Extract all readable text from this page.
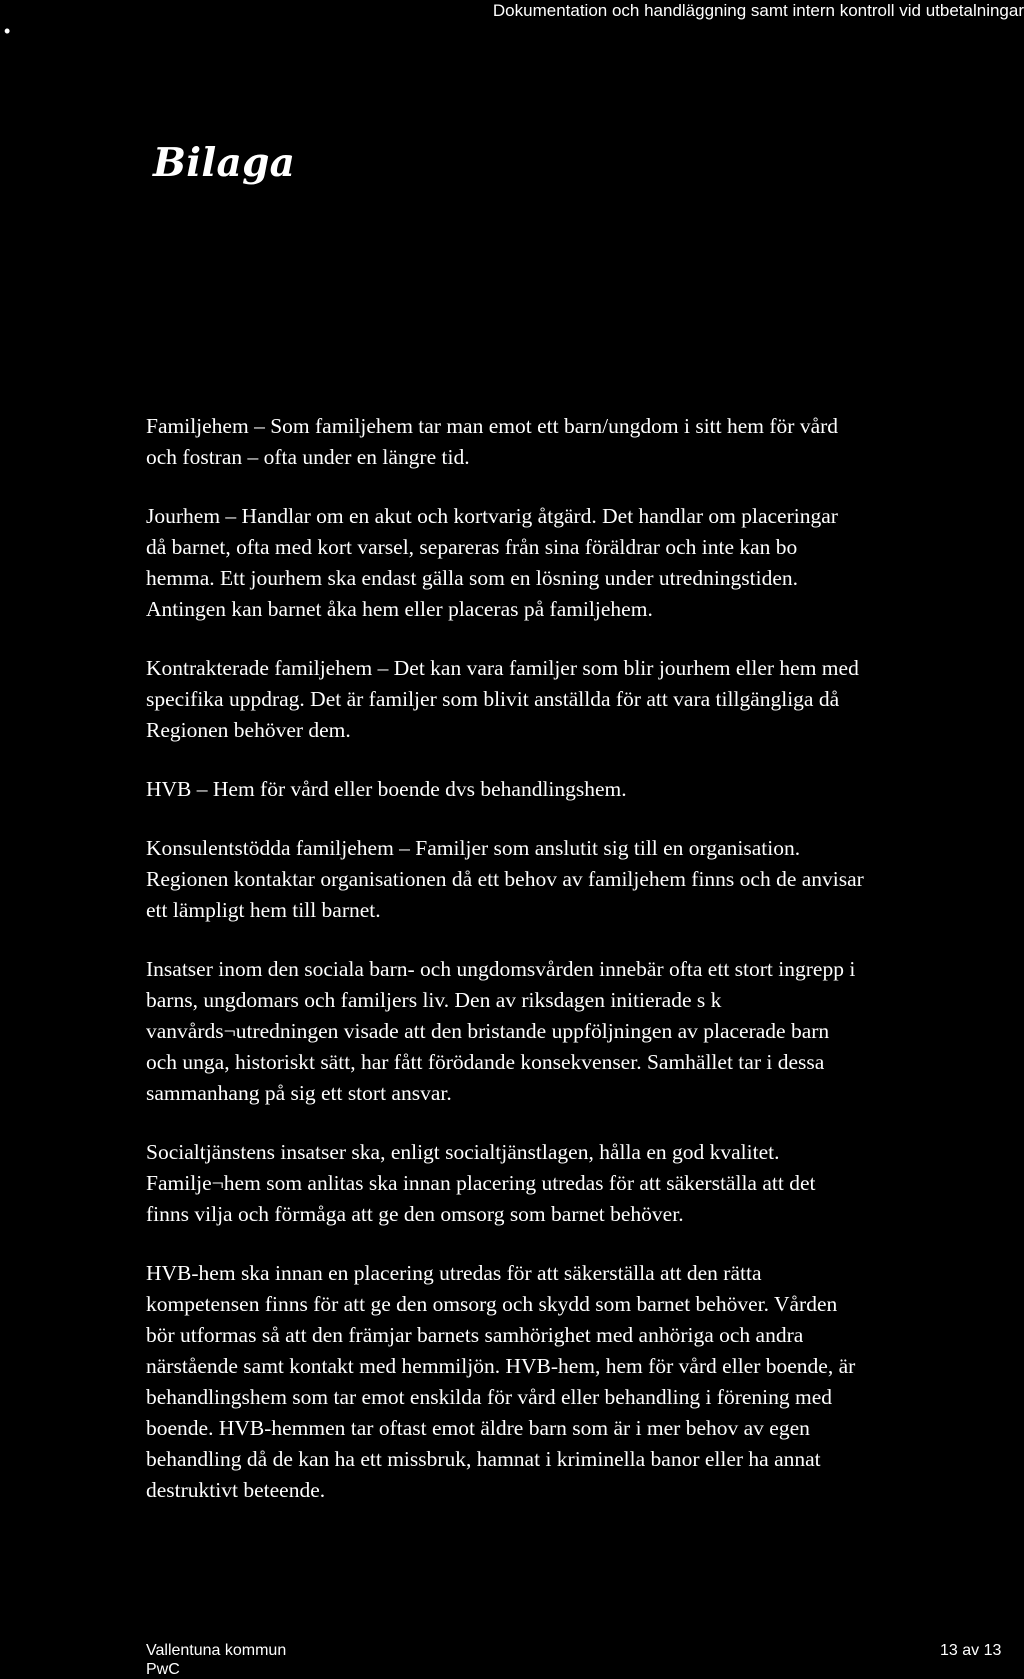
•
Dokumentation och handläggning samt intern kontroll vid utbetalningar
Bilaga

Familjehem – Som familjehem tar man emot ett barn/ungdom i sitt hem för vård
och fostran – ofta under en längre tid.

Jourhem – Handlar om en akut och kortvarig åtgärd. Det handlar om placeringar
då barnet, ofta med kort varsel, separeras från sina föräldrar och inte kan bo
hemma. Ett jourhem ska endast gälla som en lösning under utredningstiden.
Antingen kan barnet åka hem eller placeras på familjehem.

Kontrakterade familjehem – Det kan vara familjer som blir jourhem eller hem med
specifika uppdrag. Det är familjer som blivit anställda för att vara tillgängliga då
Regionen behöver dem.

HVB – Hem för vård eller boende dvs behandlingshem.

Konsulentstödda familjehem – Familjer som anslutit sig till en organisation.
Regionen kontaktar organisationen då ett behov av familjehem finns och de anvisar
ett lämpligt hem till barnet.

Insatser inom den sociala barn- och ungdomsvården innebär ofta ett stort ingrepp i
barns, ungdomars och familjers liv. Den av riksdagen initierade s k
vanvårds¬utredningen visade att den bristande uppföljningen av placerade barn
och unga, historiskt sätt, har fått förödande konsekvenser. Samhället tar i dessa
sammanhang på sig ett stort ansvar.

Socialtjänstens insatser ska, enligt socialtjänstlagen, hålla en god kvalitet.
Familje¬hem som anlitas ska innan placering utredas för att säkerställa att det
finns vilja och förmåga att ge den omsorg som barnet behöver.

HVB-hem ska innan en placering utredas för att säkerställa att den rätta
kompetensen finns för att ge den omsorg och skydd som barnet behöver. Vården
bör utformas så att den främjar barnets samhörighet med anhöriga och andra
närstående samt kontakt med hemmiljön. HVB-hem, hem för vård eller boende, är
behandlingshem som tar emot enskilda för vård eller behandling i förening med
boende. HVB-hemmen tar oftast emot äldre barn som är i mer behov av egen
behandling då de kan ha ett missbruk, hamnat i kriminella banor eller ha annat
destruktivt beteende.

Vallentuna kommun
PwC
13 av 13
